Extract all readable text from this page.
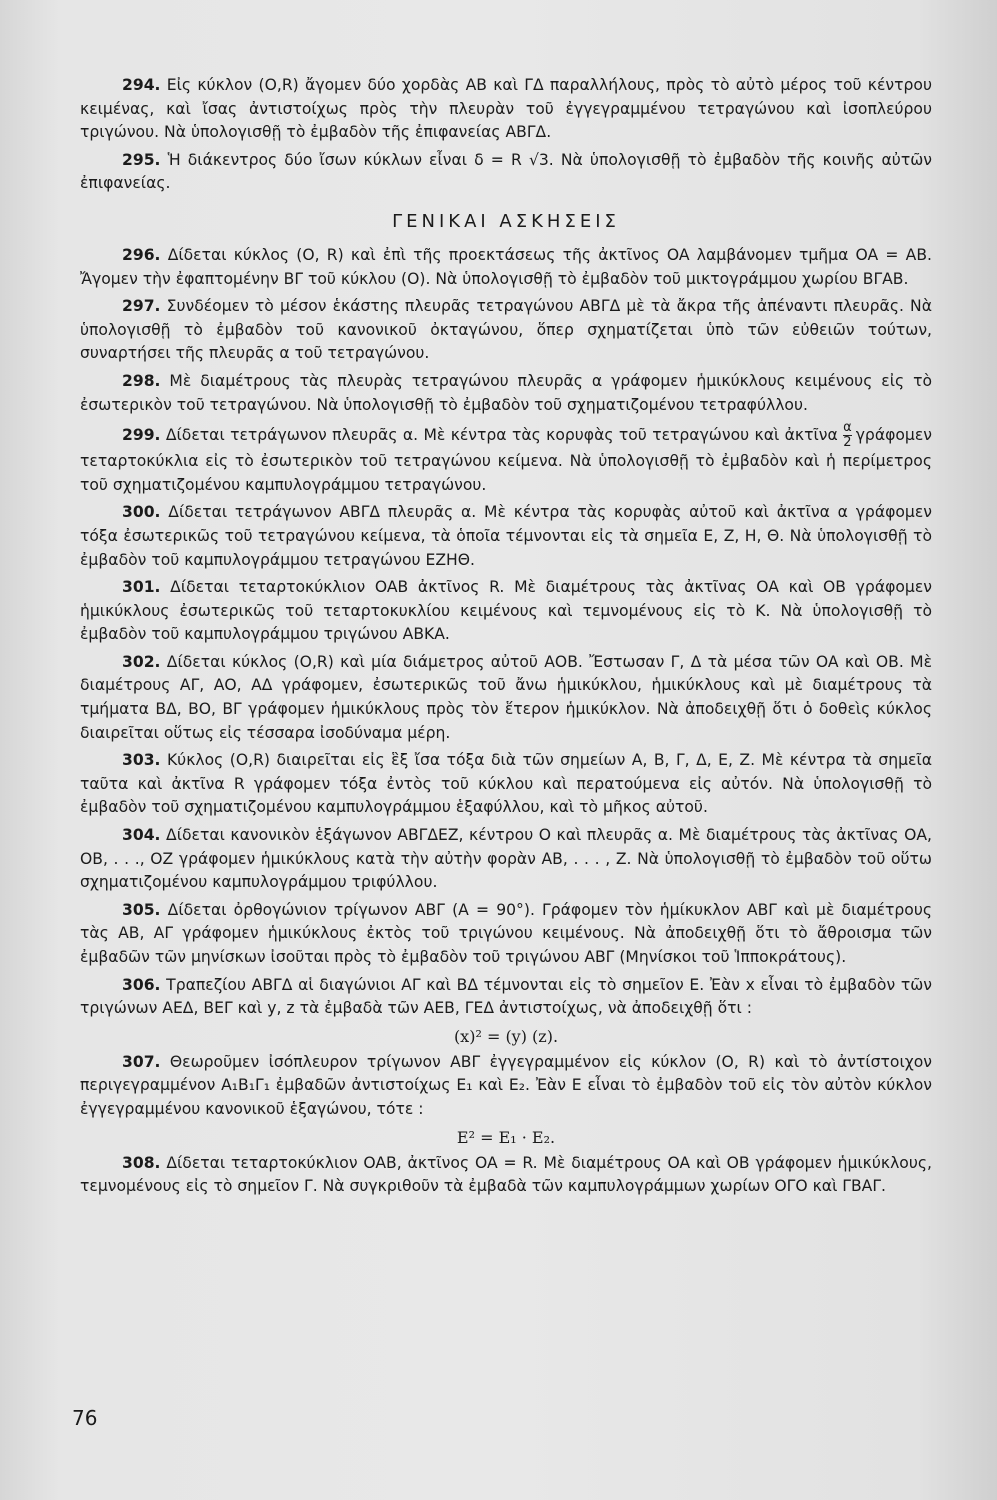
294. Εἰς κύκλον (O,R) ἄγομεν δύο χορδὰς AB καὶ ΓΔ παραλλήλους, πρὸς τὸ αὐτὸ μέρος τοῦ κέντρου κειμένας, καὶ ἴσας ἀντιστοίχως πρὸς τὴν πλευρὰν τοῦ ἐγγεγραμμένου τετραγώνου καὶ ἰσοπλεύρου τριγώνου. Νὰ ὑπολογισθῇ τὸ ἐμβαδὸν τῆς ἐπιφανείας ΑΒΓΔ.

295. Ἡ διάκεντρος δύο ἴσων κύκλων εἶναι δ = R √3. Νὰ ὑπολογισθῇ τὸ ἐμβαδὸν τῆς κοινῆς αὐτῶν ἐπιφανείας.

ΓΕΝΙΚΑΙ ΑΣΚΗΣΕΙΣ

296. Δίδεται κύκλος (O, R) καὶ ἐπὶ τῆς προεκτάσεως τῆς ἀκτῖνος OA λαμβάνομεν τμῆμα OA = AB. Ἄγομεν τὴν ἐφαπτομένην ΒΓ τοῦ κύκλου (O). Νὰ ὑπολογισθῇ τὸ ἐμβαδὸν τοῦ μικτογράμμου χωρίου ΒΓΑΒ.

297. Συνδέομεν τὸ μέσον ἑκάστης πλευρᾶς τετραγώνου ΑΒΓΔ μὲ τὰ ἄκρα τῆς ἀπέναντι πλευρᾶς. Νὰ ὑπολογισθῇ τὸ ἐμβαδὸν τοῦ κανονικοῦ ὀκταγώνου, ὅπερ σχηματίζεται ὑπὸ τῶν εὐθειῶν τούτων, συναρτήσει τῆς πλευρᾶς α τοῦ τετραγώνου.

298. Μὲ διαμέτρους τὰς πλευρὰς τετραγώνου πλευρᾶς α γράφομεν ἡμικύκλους κειμένους εἰς τὸ ἐσωτερικὸν τοῦ τετραγώνου. Νὰ ὑπολογισθῇ τὸ ἐμβαδὸν τοῦ σχηματιζομένου τετραφύλλου.

299. Δίδεται τετράγωνον πλευρᾶς α. Μὲ κέντρα τὰς κορυφὰς τοῦ τετραγώνου καὶ ἀκτῖνα $\frac{\alpha}{2}$ γράφομεν τεταρτοκύκλια εἰς τὸ ἐσωτερικὸν τοῦ τετραγώνου κείμενα. Νὰ ὑπολογισθῇ τὸ ἐμβαδὸν καὶ ἡ περίμετρος τοῦ σχηματιζομένου καμπυλογράμμου τετραγώνου.

300. Δίδεται τετράγωνον ΑΒΓΔ πλευρᾶς α. Μὲ κέντρα τὰς κορυφὰς αὐτοῦ καὶ ἀκτῖνα α γράφομεν τόξα ἐσωτερικῶς τοῦ τετραγώνου κείμενα, τὰ ὁποῖα τέμνονται εἰς τὰ σημεῖα Ε, Ζ, Η, Θ. Νὰ ὑπολογισθῇ τὸ ἐμβαδὸν τοῦ καμπυλογράμμου τετραγώνου ΕΖΗΘ.

301. Δίδεται τεταρτοκύκλιον OAB ἀκτῖνος R. Μὲ διαμέτρους τὰς ἀκτῖνας OA καὶ OB γράφομεν ἡμικύκλους ἐσωτερικῶς τοῦ τεταρτοκυκλίου κειμένους καὶ τεμνομένους εἰς τὸ Κ. Νὰ ὑπολογισθῇ τὸ ἐμβαδὸν τοῦ καμπυλογράμμου τριγώνου ΑΒΚΑ.

302. Δίδεται κύκλος (O,R) καὶ μία διάμετρος αὐτοῦ ΑΟΒ. Ἔστωσαν Γ, Δ τὰ μέσα τῶν OA καὶ OB. Μὲ διαμέτρους ΑΓ, ΑΟ, ΑΔ γράφομεν, ἐσωτερικῶς τοῦ ἄνω ἡμικύκλου, ἡμικύκλους καὶ μὲ διαμέτρους τὰ τμήματα ΒΔ, ΒΟ, ΒΓ γράφομεν ἡμικύκλους πρὸς τὸν ἕτερον ἡμικύκλον. Νὰ ἀποδειχθῇ ὅτι ὁ δοθεὶς κύκλος διαιρεῖται οὕτως εἰς τέσσαρα ἰσοδύναμα μέρη.

303. Κύκλος (O,R) διαιρεῖται εἰς ἓξ ἴσα τόξα διὰ τῶν σημείων Α, Β, Γ, Δ, Ε, Ζ. Μὲ κέντρα τὰ σημεῖα ταῦτα καὶ ἀκτῖνα R γράφομεν τόξα ἐντὸς τοῦ κύκλου καὶ περατούμενα εἰς αὐτόν. Νὰ ὑπολογισθῇ τὸ ἐμβαδὸν τοῦ σχηματιζομένου καμπυλογράμμου ἑξαφύλλου, καὶ τὸ μῆκος αὐτοῦ.

304. Δίδεται κανονικὸν ἑξάγωνον ΑΒΓΔΕΖ, κέντρου Ο καὶ πλευρᾶς α. Μὲ διαμέτρους τὰς ἀκτῖνας ΟΑ, ΟΒ, . . ., ΟΖ γράφομεν ἡμικύκλους κατὰ τὴν αὐτὴν φορὰν ΑΒ, . . . , Ζ. Νὰ ὑπολογισθῇ τὸ ἐμβαδὸν τοῦ οὕτω σχηματιζομένου καμπυλογράμμου τριφύλλου.

305. Δίδεται ὀρθογώνιον τρίγωνον ΑΒΓ (Α = 90°). Γράφομεν τὸν ἡμίκυκλον ΑΒΓ καὶ μὲ διαμέτρους τὰς ΑΒ, ΑΓ γράφομεν ἡμικύκλους ἐκτὸς τοῦ τριγώνου κειμένους. Νὰ ἀποδειχθῇ ὅτι τὸ ἄθροισμα τῶν ἐμβαδῶν τῶν μηνίσκων ἰσοῦται πρὸς τὸ ἐμβαδὸν τοῦ τριγώνου ΑΒΓ (Μηνίσκοι τοῦ Ἱπποκράτους).

306. Τραπεζίου ΑΒΓΔ αἱ διαγώνιοι ΑΓ καὶ ΒΔ τέμνονται εἰς τὸ σημεῖον Ε. Ἐὰν x εἶναι τὸ ἐμβαδὸν τῶν τριγώνων ΑΕΔ, ΒΕΓ καὶ y, z τὰ ἐμβαδὰ τῶν ΑΕΒ, ΓΕΔ ἀντιστοίχως, νὰ ἀποδειχθῇ ὅτι :

(x)² = (y) (z).

307. Θεωροῦμεν ἰσόπλευρον τρίγωνον ΑΒΓ ἐγγεγραμμένον εἰς κύκλον (O, R) καὶ τὸ ἀντίστοιχον περιγεγραμμένον Α₁Β₁Γ₁ ἐμβαδῶν ἀντιστοίχως Ε₁ καὶ Ε₂. Ἐὰν Ε εἶναι τὸ ἐμβαδὸν τοῦ εἰς τὸν αὐτὸν κύκλον ἐγγεγραμμένου κανονικοῦ ἑξαγώνου, τότε :

Ε² = Ε₁ · Ε₂.

308. Δίδεται τεταρτοκύκλιον OAB, ἀκτῖνος OA = R. Μὲ διαμέτρους OA καὶ OB γράφομεν ἡμικύκλους, τεμνομένους εἰς τὸ σημεῖον Γ. Νὰ συγκριθοῦν τὰ ἐμβαδὰ τῶν καμπυλογράμμων χωρίων ΟΓΟ καὶ ΓΒΑΓ.

76
